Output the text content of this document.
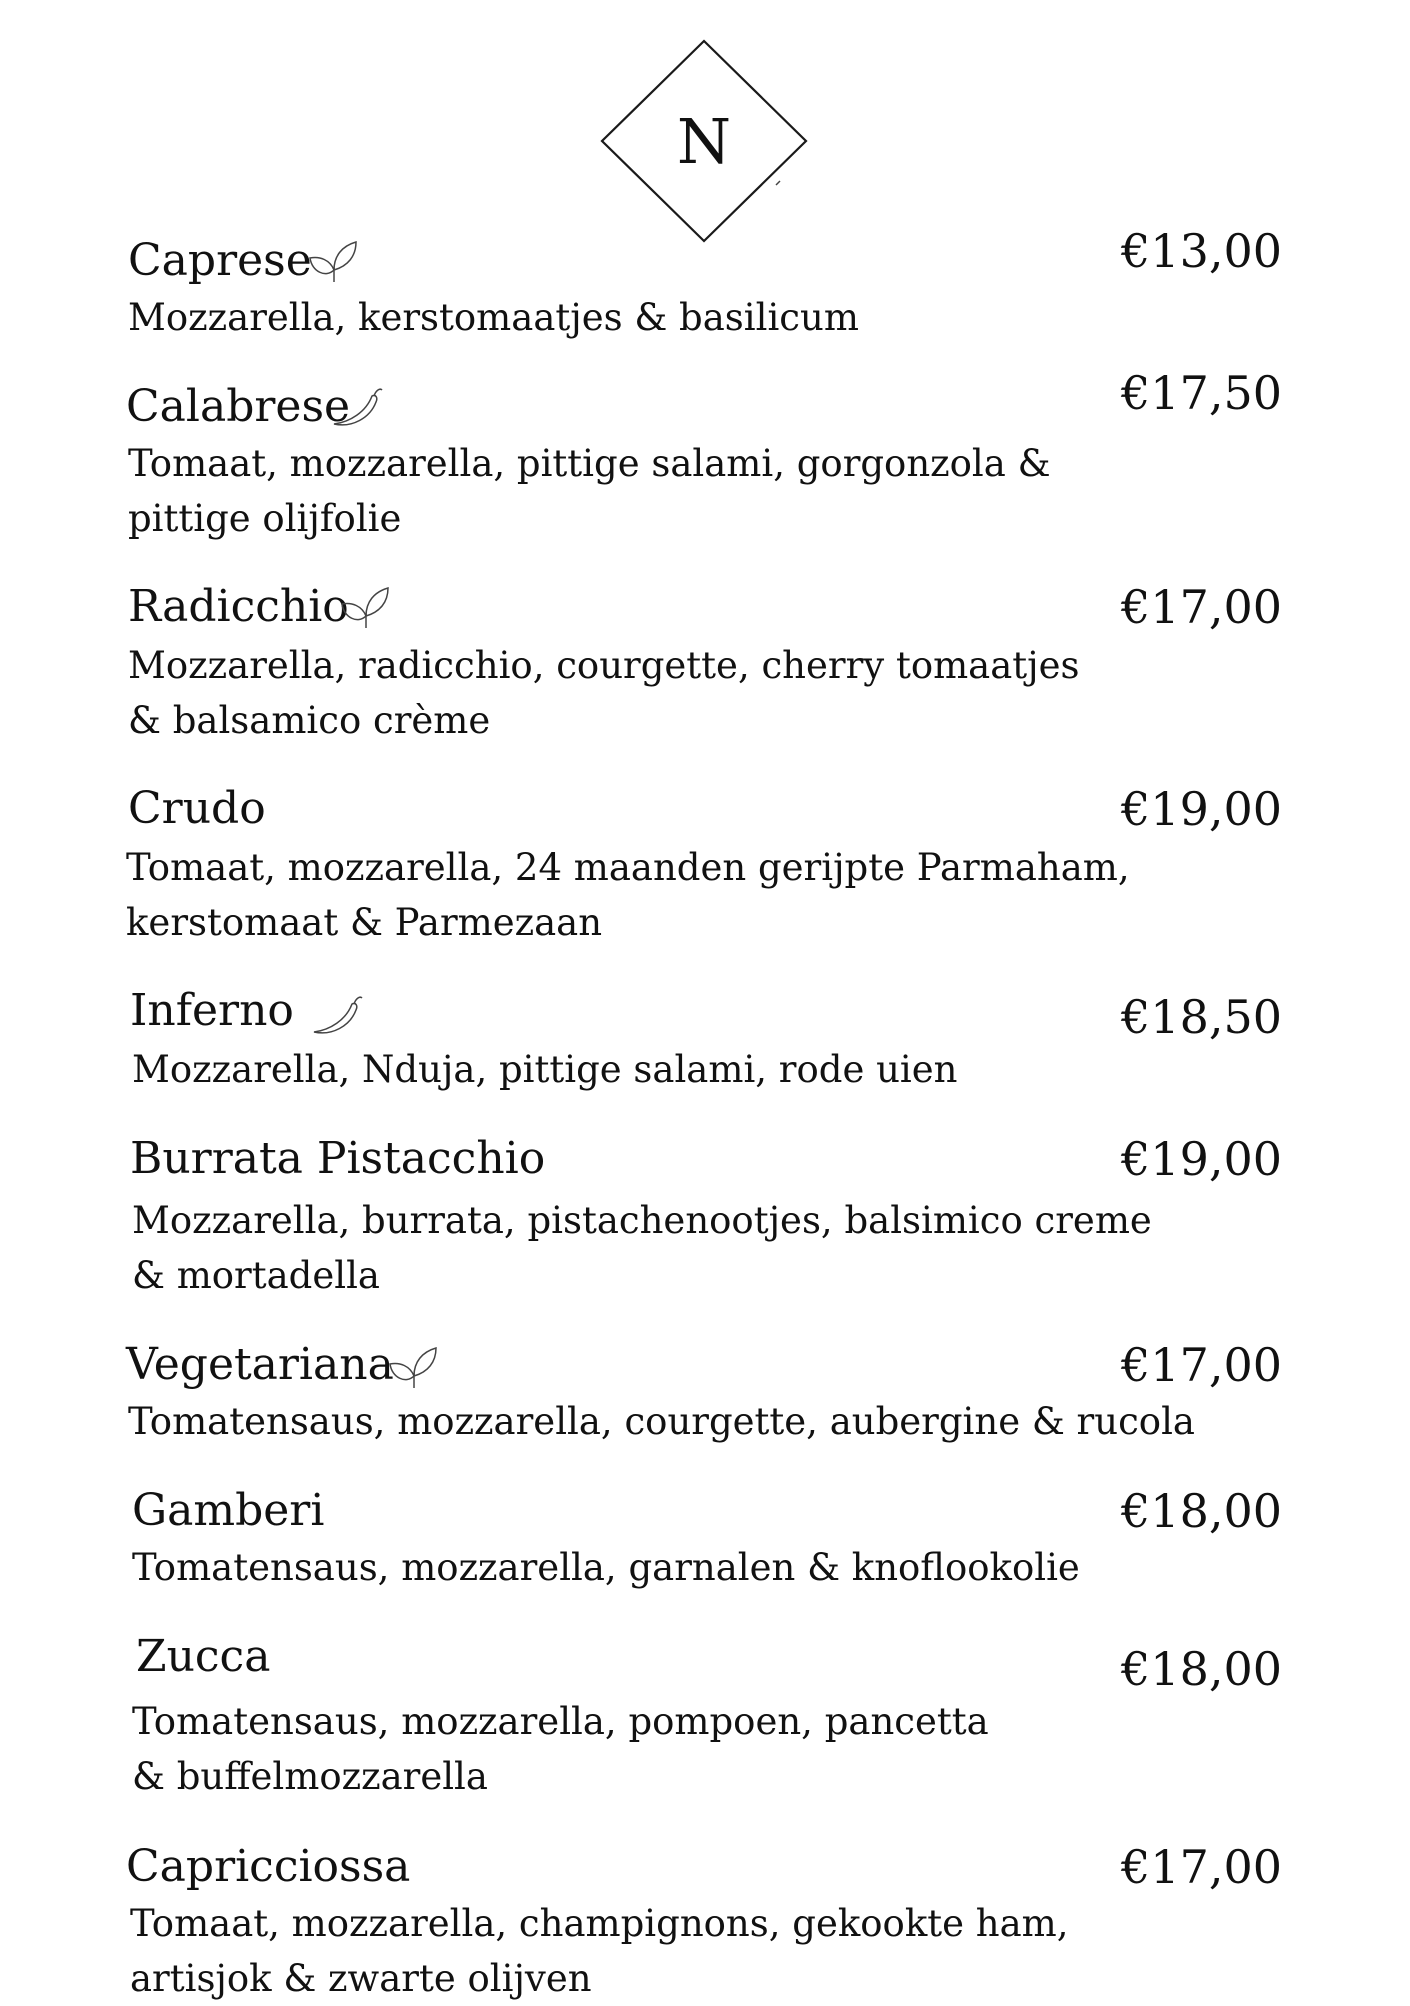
N
Caprese
Mozzarella, kerstomaatjes & basilicum
€13,00
Calabrese
Tomaat, mozzarella, pittige salami, gorgonzola &
pittige olijfolie
€17,50
Radicchio
Mozzarella, radicchio, courgette, cherry tomaatjes
& balsamico crème
€17,00
Crudo
Tomaat, mozzarella, 24 maanden gerijpte Parmaham,
kerstomaat & Parmezaan
€19,00
Inferno
Mozzarella, Nduja, pittige salami, rode uien
€18,50
Burrata Pistacchio
Mozzarella, burrata, pistachenootjes, balsimico creme
& mortadella
€19,00
Vegetariana
Tomatensaus, mozzarella, courgette, aubergine & rucola
€17,00
Gamberi
Tomatensaus, mozzarella, garnalen & knoflookolie
€18,00
Zucca
Tomatensaus, mozzarella, pompoen, pancetta
& buffelmozzarella
€18,00
Capricciossa
Tomaat, mozzarella, champignons, gekookte ham,
artisjok & zwarte olijven
€17,00
